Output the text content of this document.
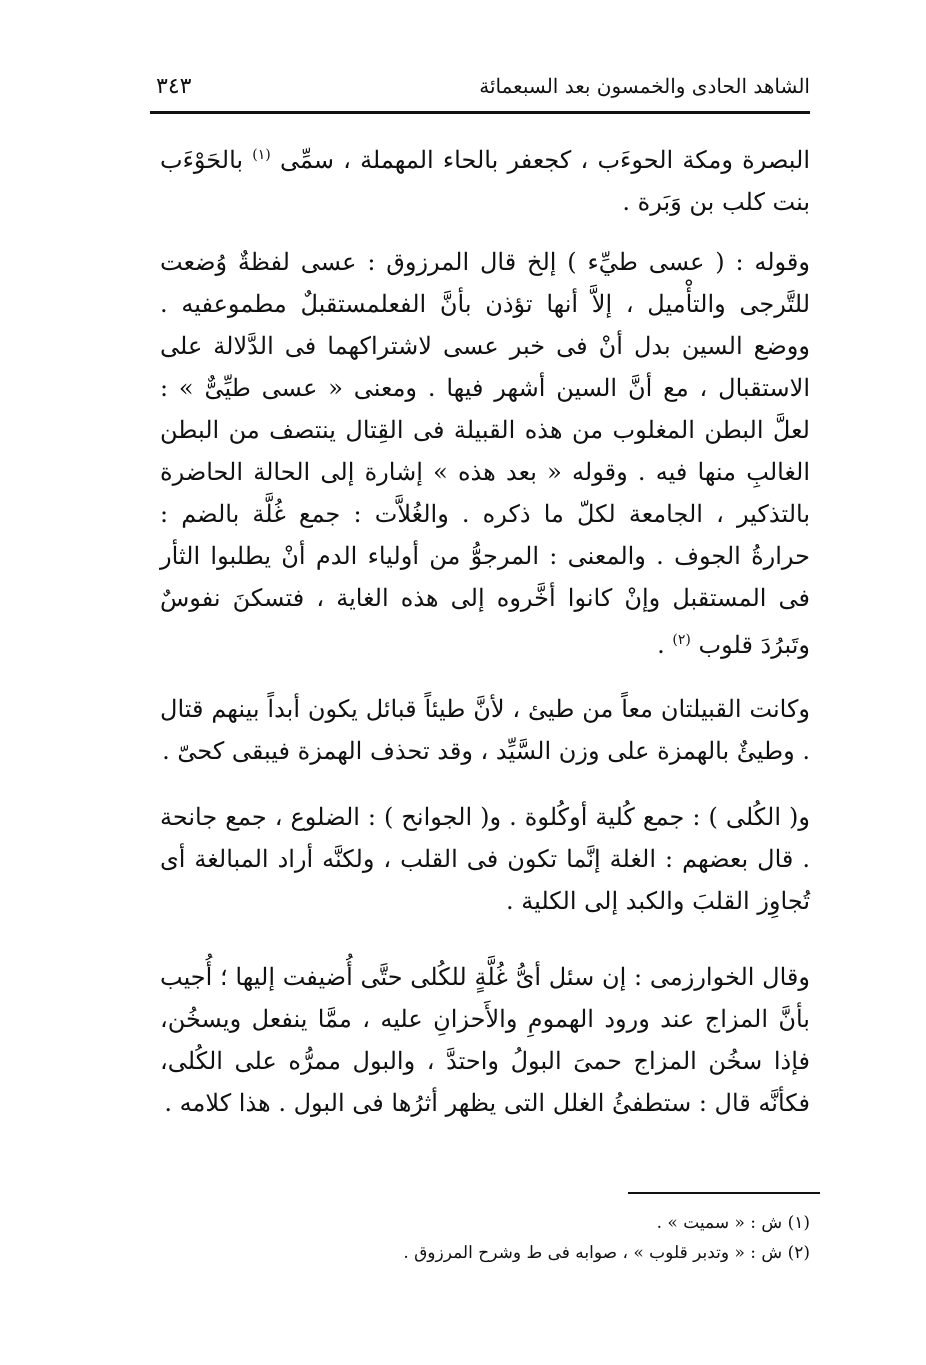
الشاهد الحادى والخمسون بعد السبعمائة
٣٤٣

البصرة ومكة الحوءَب ، كجعفر بالحاء المهملة ، سمِّى $^{(١)}$ بالحَوْءَب بنت كلب بن وَبَرة .

وقوله : ( عسى طيِّء ) إلخ قال المرزوق : عسى لفظةٌ وُضعت للتَّرجى والتأْميل ، إلاَّ أنها تؤذن بأنَّ الفعلمستقبلٌ مطموعفيه . ووضع السين بدل أنْ فى خبر عسى لاشتراكهما فى الدَّلالة على الاستقبال ، مع أنَّ السين أشهر فيها . ومعنى « عسى طيِّىٌّ » : لعلَّ البطن المغلوب من هذه القبيلة فى القِتال ينتصف من البطن الغالبِ منها فيه . وقوله « بعد هذه » إشارة إلى الحالة الحاضرة بالتذكير ، الجامعة لكلّ ما ذكره . والغُلاَّت : جمع غُلَّة بالضم : حرارةُ الجوف . والمعنى : المرجوُّ من أولياء الدم أنْ يطلبوا الثأر فى المستقبل وإنْ كانوا أخَّروه إلى هذه الغاية ، فتسكنَ نفوسٌ وتَبرُدَ قلوب $^{(٢)}$ .

وكانت القبيلتان معاً من طيئ ، لأنَّ طيئاً قبائل يكون أبداً بينهم قتال . وطيئٌ بالهمزة على وزن السَّيِّد ، وقد تحذف الهمزة فيبقى كحىّ .

و( الكُلى ) : جمع كُلية أوكُلوة . و( الجوانح ) : الضلوع ، جمع جانحة . قال بعضهم : الغلة إنَّما تكون فى القلب ، ولكنَّه أراد المبالغة أى تُجاوِز القلبَ والكبد إلى الكلية .

وقال الخوارزمى : إن سئل أىُّ غُلَّةٍ للكُلى حتَّى أُضيفت إليها ؛ أُجيب بأنَّ المزاج عند ورود الهمومِ والأَحزانِ عليه ، ممَّا ينفعل ويسخُن، فإذا سخُن المزاج حمىَ البولُ واحتدَّ ، والبول ممرُّه على الكُلى، فكأنَّه قال : ستطفئُ الغلل التى يظهر أثرُها فى البول . هذا كلامه .

(١) ش : « سميت » .
(٢) ش : « وتدبر قلوب » ، صوابه فى ط وشرح المرزوق .
